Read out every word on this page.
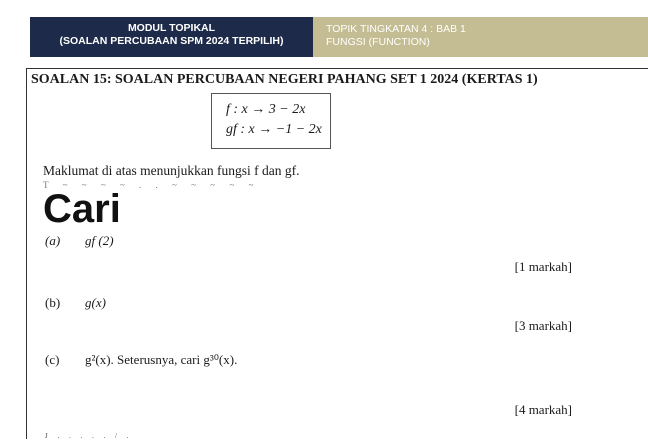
MODUL TOPIKAL
(SOALAN PERCUBAAN SPM 2024 TERPILIH)
TOPIK TINGKATAN 4 : BAB 1
FUNGSI (FUNCTION)
SOALAN 15: SOALAN PERCUBAAN NEGERI PAHANG SET 1 2024 (KERTAS 1)
f : x → 3 − 2x
gf : x → −1 − 2x
Maklumat di atas menunjukkan fungsi f dan gf.
T ~ ~ ~ ~ . . ~ ~ ~ ~ ~
Cari
(a) gf (2)
[1 markah]
(b) g(x)
[3 markah]
(c) g²(x). Seterusnya, cari g³⁰(x).
[4 markah]
J . . . . . / .
